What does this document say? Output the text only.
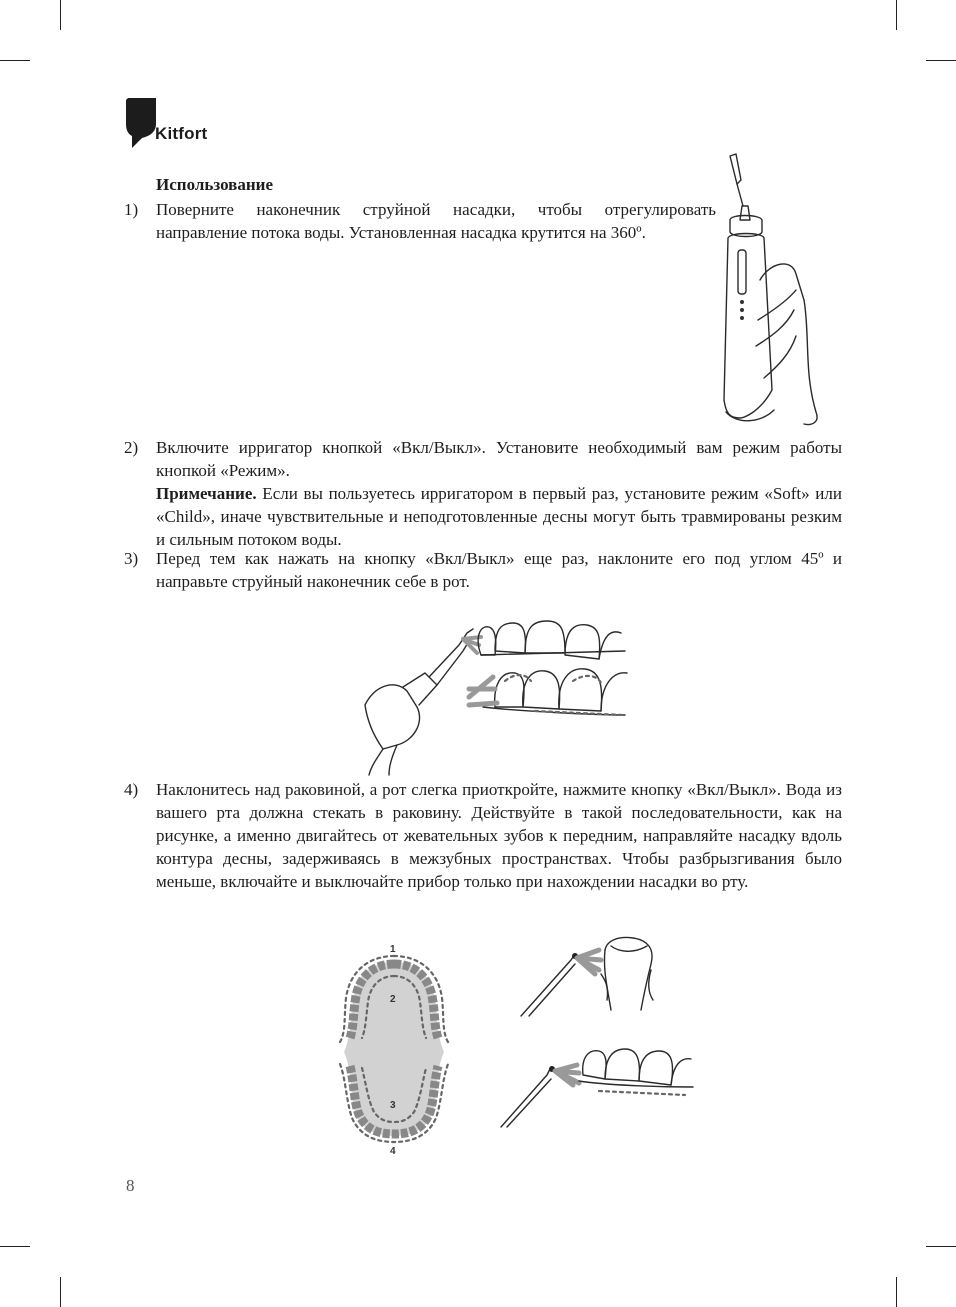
Kitfort
Использование
1)	Поверните наконечник струйной насадки, чтобы отрегулировать направление потока воды. Установленная насадка крутится на 360º.

2)	Включите ирригатор кнопкой «Вкл/Выкл». Установите необходимый вам режим работы кнопкой «Режим».

Примечание. Если вы пользуетесь ирригатором в первый раз, установите режим «Soft» или «Child», иначе чувствительные и неподготовленные десны могут быть травмированы резким и сильным потоком воды.

3)	Перед тем как нажать на кнопку «Вкл/Выкл» еще раз, наклоните его под углом 45º и направьте струйный наконечник себе в рот.

4)	Наклонитесь над раковиной, а рот слегка приоткройте, нажмите кнопку «Вкл/Выкл». Вода из вашего рта должна стекать в раковину. Действуйте в такой последовательности, как на рисунке, а именно двигайтесь от жевательных зубов к передним, направляйте насадку вдоль контура десны, задерживаясь в межзубных пространствах. Чтобы разбрызгивания было меньше, включайте и выключайте прибор только при нахождении насадки во рту.

1
2
3
4
8
